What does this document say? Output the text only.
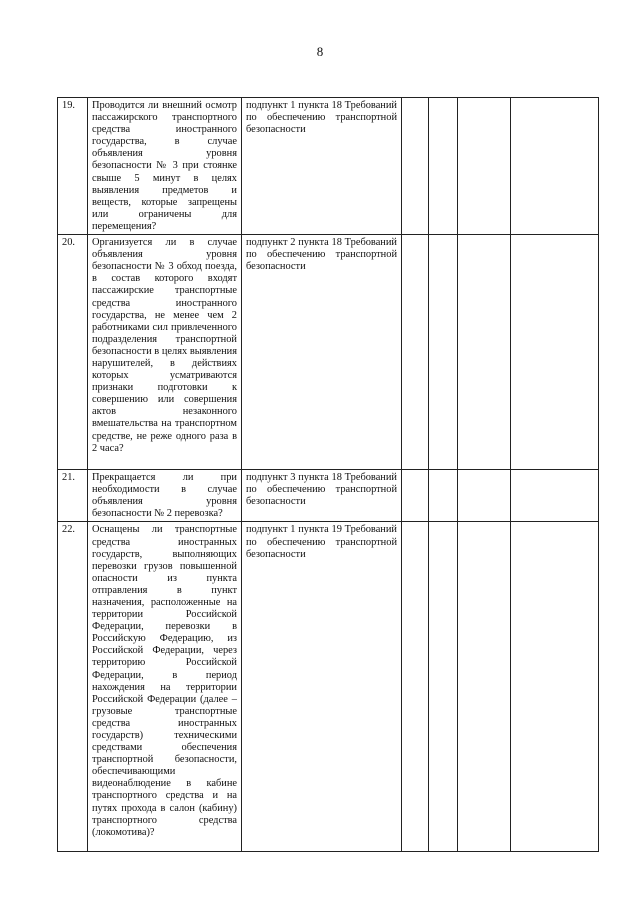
8
19.	Проводится ли внешний осмотр пассажирского транспортного средства иностранного государства, в случае объявления уровня безопасности № 3 при стоянке свыше 5 минут в целях выявления предметов и веществ, которые запрещены или ограничены для перемещения?	подпункт 1 пункта 18 Требований по обеспечению транспортной безопасности				
20.	Организуется ли в случае объявления уровня безопасности № 3 обход поезда, в состав которого входят пассажирские транспортные средства иностранного государства, не менее чем 2 работниками сил привлеченного подразделения транспортной безопасности в целях выявления нарушителей, в действиях которых усматриваются признаки подготовки к совершению или совершения актов незаконного вмешательства на транспортном средстве, не реже одного раза в 2 часа?	подпункт 2 пункта 18 Требований по обеспечению транспортной безопасности				
21.	Прекращается ли при необходимости в случае объявления уровня безопасности № 2 перевозка?	подпункт 3 пункта 18 Требований по обеспечению транспортной безопасности				
22.	Оснащены ли транспортные средства иностранных государств, выполняющих перевозки грузов повышенной опасности из пункта отправления в пункт назначения, расположенные на территории Российской Федерации, перевозки в Российскую Федерацию, из Российской Федерации, через территорию Российской Федерации, в период нахождения на территории Российской Федерации (далее – грузовые транспортные средства иностранных государств) техническими средствами обеспечения транспортной безопасности, обеспечивающими видеонаблюдение в кабине транспортного средства и на путях прохода в салон (кабину) транспортного средства (локомотива)?	подпункт 1 пункта 19 Требований по обеспечению транспортной безопасности				
